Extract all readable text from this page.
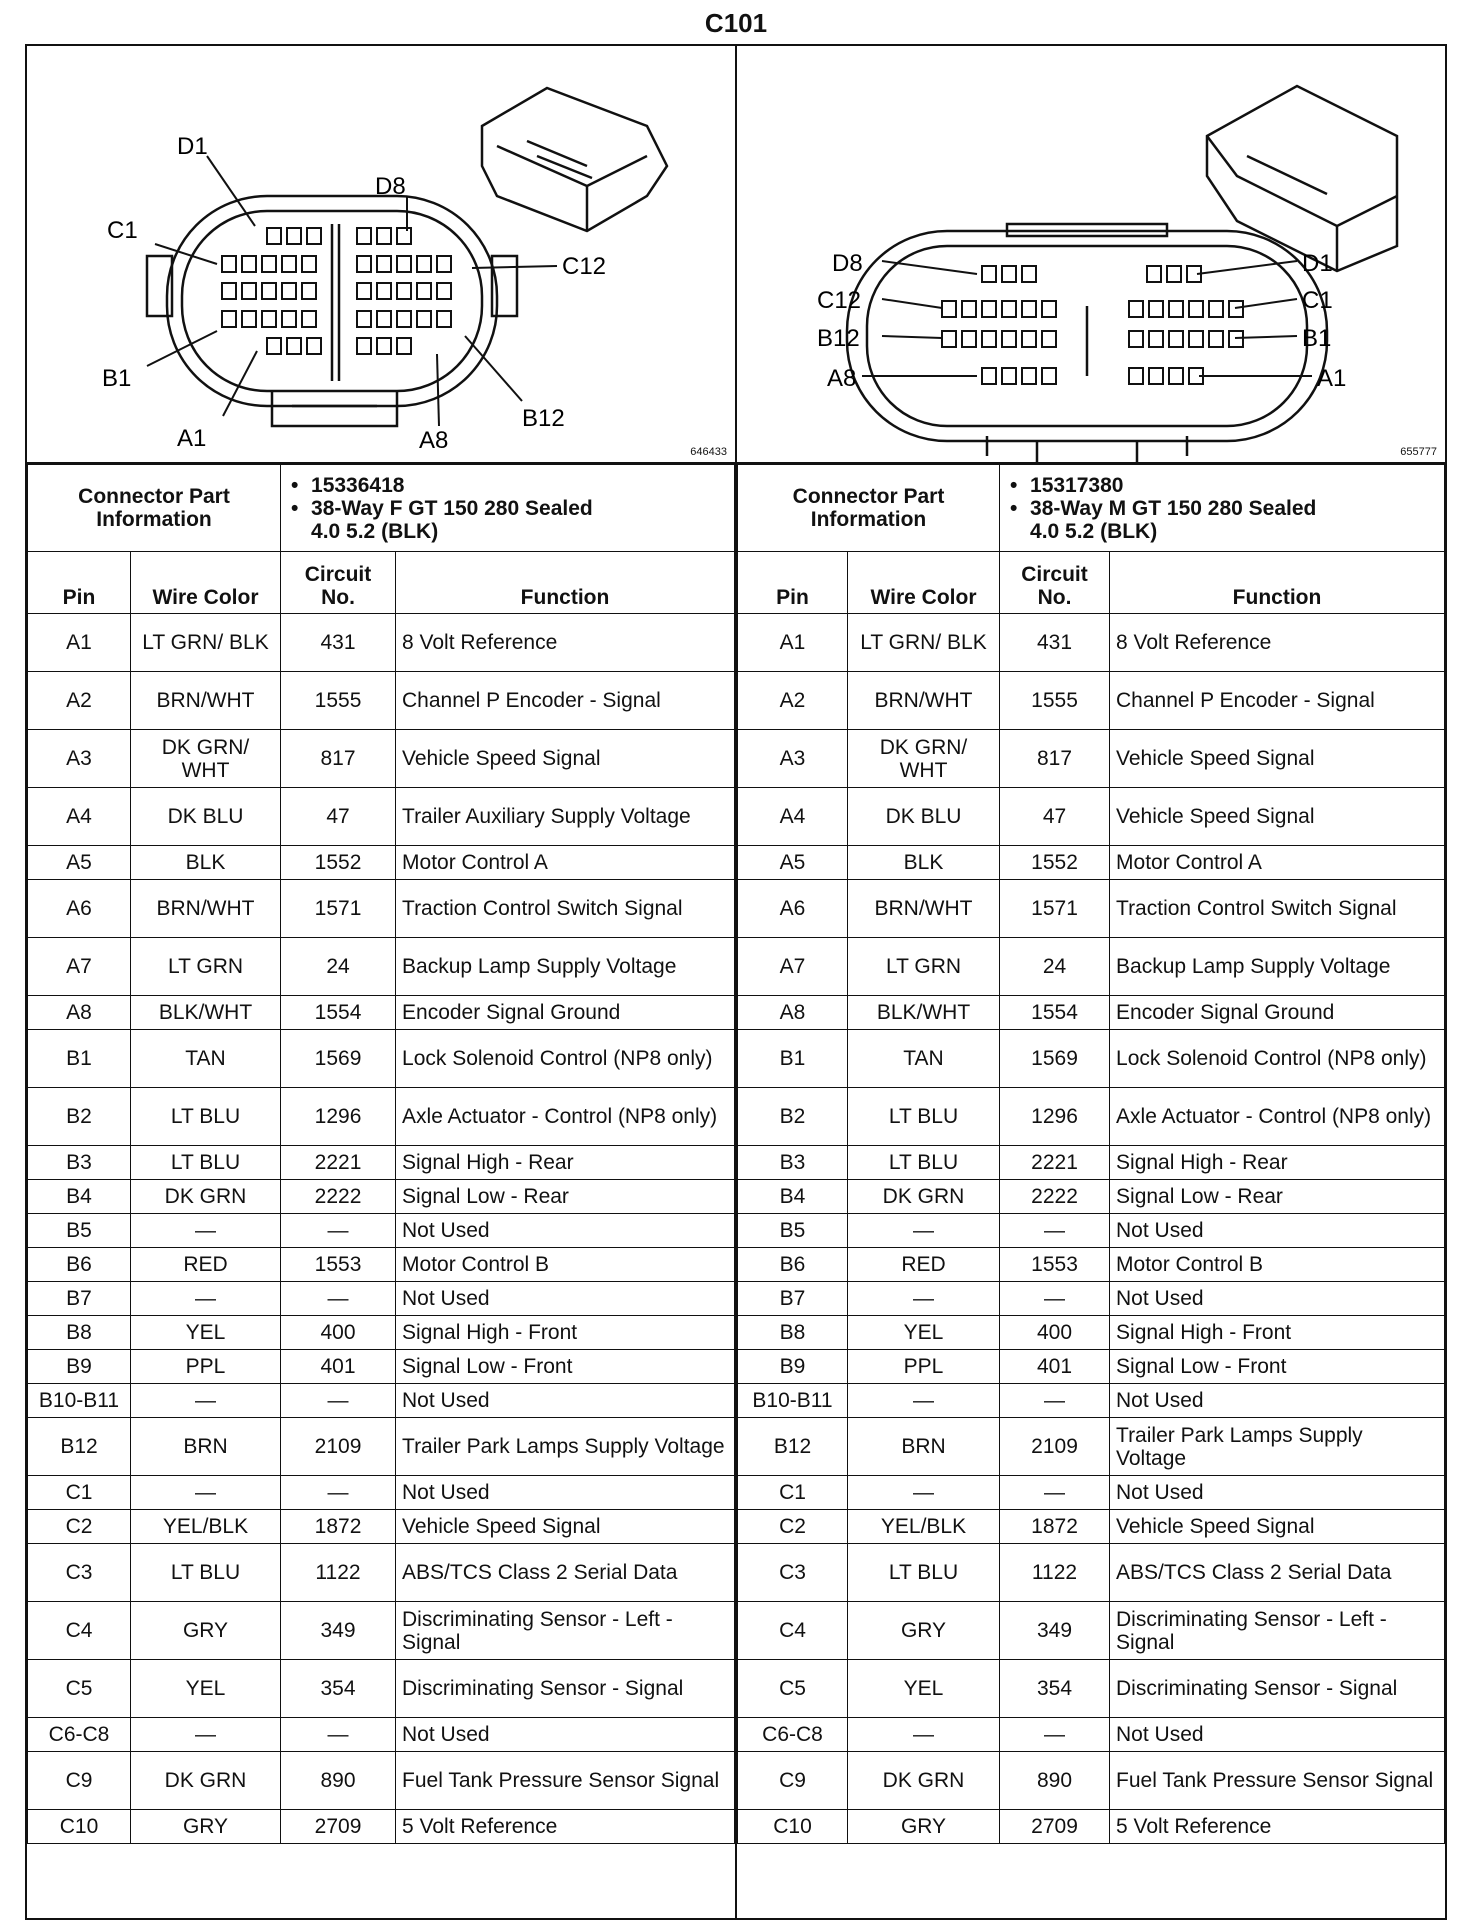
C101
D1
D8
C1
C12
B1
B12
A1	A8	646433
D8	D1
C12	C1
B12	B1
A8	A1
655777
Connector Part Information		• 15336418
• 38-Way F GT 150 280 Sealed
4.0 5.2 (BLK)

Pin	Wire Color	Circuit No.	Function
A1	LT GRN/ BLK	431	8 Volt Reference
A2	BRN/WHT	1555	Channel P Encoder - Signal
A3	DK GRN/ WHT	817	Vehicle Speed Signal
A4	DK BLU	47	Trailer Auxiliary Supply Voltage
A5	BLK	1552	Motor Control A
A6	BRN/WHT	1571	Traction Control Switch Signal
A7	LT GRN	24	Backup Lamp Supply Voltage
A8	BLK/WHT	1554	Encoder Signal Ground
B1	TAN	1569	Lock Solenoid Control (NP8 only)
B2	LT BLU	1296	Axle Actuator - Control (NP8 only)
B3	LT BLU	2221	Signal High - Rear
B4	DK GRN	2222	Signal Low - Rear
B5	—	—	Not Used
B6	RED	1553	Motor Control B
B7	—	—	Not Used
B8	YEL	400	Signal High - Front
B9	PPL	401	Signal Low - Front
B10-B11	—	—	Not Used
B12	BRN	2109	Trailer Park Lamps Supply Voltage
C1	—	—	Not Used
C2	YEL/BLK	1872	Vehicle Speed Signal
C3	LT BLU	1122	ABS/TCS Class 2 Serial Data
C4	GRY	349	Discriminating Sensor - Left - Signal
C5	YEL	354	Discriminating Sensor - Signal
C6-C8	—	—	Not Used
C9	DK GRN	890	Fuel Tank Pressure Sensor Signal
C10	GRY	2709	5 Volt Reference
Connector Part Information		• 15317380
• 38-Way M GT 150 280 Sealed
4.0 5.2 (BLK)

Pin	Wire Color	Circuit No.	Function
A1	LT GRN/ BLK	431	8 Volt Reference
A2	BRN/WHT	1555	Channel P Encoder - Signal
A3	DK GRN/ WHT	817	Vehicle Speed Signal
A4	DK BLU	47	Vehicle Speed Signal
A5	BLK	1552	Motor Control A
A6	BRN/WHT	1571	Traction Control Switch Signal
A7	LT GRN	24	Backup Lamp Supply Voltage
A8	BLK/WHT	1554	Encoder Signal Ground
B1	TAN	1569	Lock Solenoid Control (NP8 only)
B2	LT BLU	1296	Axle Actuator - Control (NP8 only)
B3	LT BLU	2221	Signal High - Rear
B4	DK GRN	2222	Signal Low - Rear
B5	—	—	Not Used
B6	RED	1553	Motor Control B
B7	—	—	Not Used
B8	YEL	400	Signal High - Front
B9	PPL	401	Signal Low - Front
B10-B11	—	—	Not Used
B12	BRN	2109	Trailer Park Lamps Supply Voltage
C1	—	—	Not Used
C2	YEL/BLK	1872	Vehicle Speed Signal
C3	LT BLU	1122	ABS/TCS Class 2 Serial Data
C4	GRY	349	Discriminating Sensor - Left - Signal
C5	YEL	354	Discriminating Sensor - Signal
C6-C8	—	—	Not Used
C9	DK GRN	890	Fuel Tank Pressure Sensor Signal
C10	GRY	2709	5 Volt Reference
